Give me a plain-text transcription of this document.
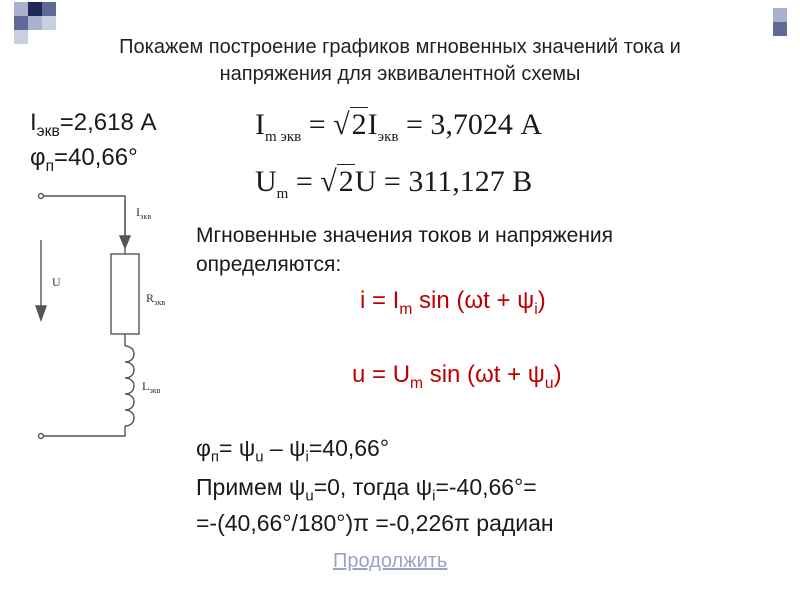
Покажем построение графиков мгновенных значений тока и
напряжения для эквивалентной схемы
$I_{экв}=2,618$ А
$\varphi_п=40,66^\circ$
$I_{m экв} = √2I_{экв} = 3,7024$ А
$U_m = √2U = 311,127$ В
$I_{экв}$
U
$R_{экв}$
$L_{экв}$
Мгновенные значения токов и напряжения
определяются:
$i = I_m$ $\sin (\omega t + \psi_i)$
$u = U_m$ $\sin (\omega t + \psi_u)$
$\varphi_п= \psi_u - \psi_i=40,66^\circ$
Примем $\psi_u=0$, тогда $\psi_i=-40,66^\circ=$
=-(40,66°/180°)π =-0,226π радиан
Продолжить
